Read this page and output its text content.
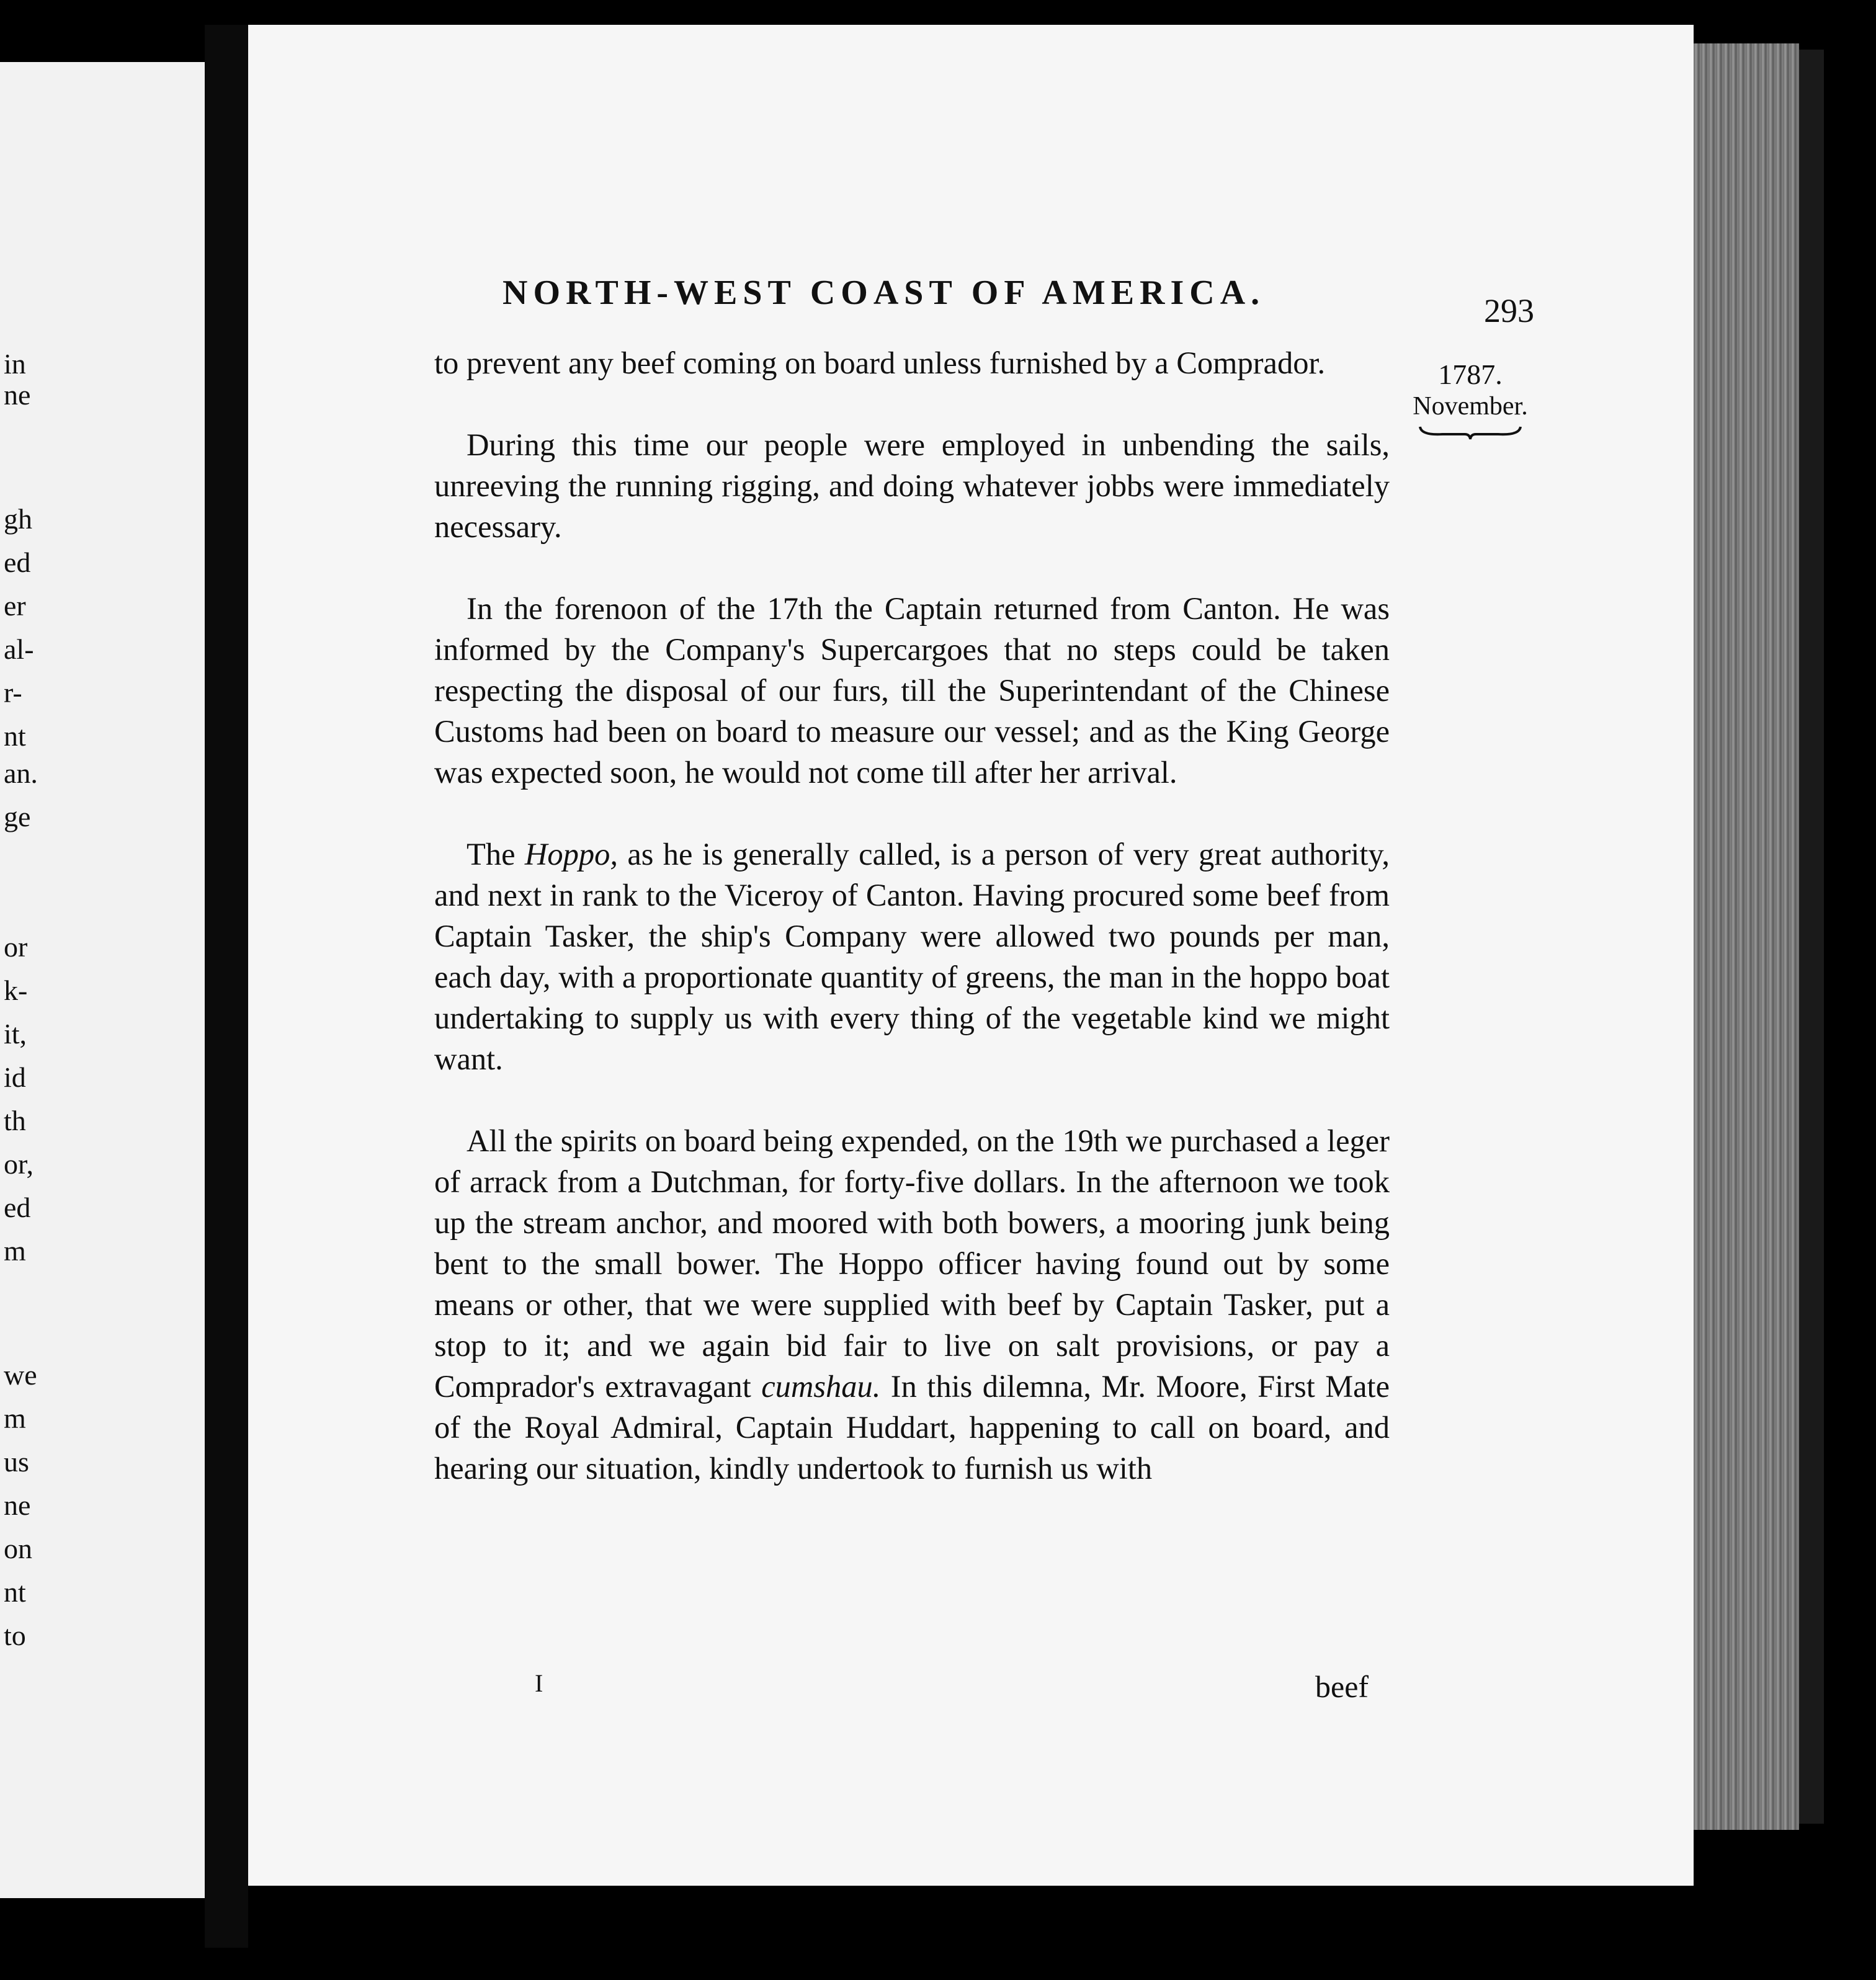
in
ne
gh
ed
er
al-
r-
nt
an.
ge
or
k-
it,
id
th
or,
ed
m
we
m
us
ne
on
nt
to
NORTH-WEST COAST OF AMERICA.	293
1787.
November.

to prevent any beef coming on board unless furnished by a Comprador.

During this time our people were employed in unbending the sails, unreeving the running rigging, and doing whatever jobbs were immediately necessary.

In the forenoon of the 17th the Captain returned from Canton. He was informed by the Company's Supercargoes that no steps could be taken respecting the disposal of our furs, till the Superintendant of the Chinese Customs had been on board to measure our vessel; and as the King George was expected soon, he would not come till after her arrival.

The Hoppo, as he is generally called, is a person of very great authority, and next in rank to the Viceroy of Canton. Having procured some beef from Captain Tasker, the ship's Company were allowed two pounds per man, each day, with a proportionate quantity of greens, the man in the hoppo boat undertaking to supply us with every thing of the vegetable kind we might want.

All the spirits on board being expended, on the 19th we purchased a leger of arrack from a Dutchman, for forty-five dollars. In the afternoon we took up the stream anchor, and moored with both bowers, a mooring junk being bent to the small bower. The Hoppo officer having found out by some means or other, that we were supplied with beef by Captain Tasker, put a stop to it; and we again bid fair to live on salt provisions, or pay a Comprador's extravagant cumshau. In this dilemna, Mr. Moore, First Mate of the Royal Admiral, Captain Huddart, happening to call on board, and hearing our situation, kindly undertook to furnish us with

I	beef
